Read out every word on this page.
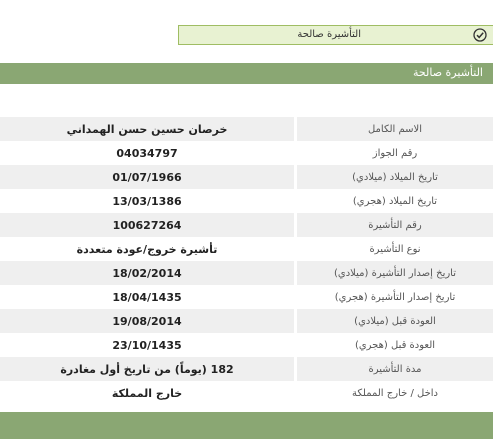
التأشيرة صالحة
التأشيرة صالحة
الاسم الكامل
خرصان حسين حسن الهمداني
رقم الجواز
04034797
تاريخ الميلاد (ميلادي)
01/07/1966
تاريخ الميلاد (هجري)
13/03/1386
رقم التأشيرة
100627264
نوع التأشيرة
تأشيرة خروج/عودة متعددة
تاريخ إصدار التأشيرة (ميلادي)
18/02/2014
تاريخ إصدار التأشيرة (هجري)
18/04/1435
العودة قبل (ميلادي)
19/08/2014
العودة قبل (هجري)
23/10/1435
مدة التأشيرة
182 (يوماً) من تاريخ أول مغادرة
داخل / خارج المملكة
خارج المملكة
